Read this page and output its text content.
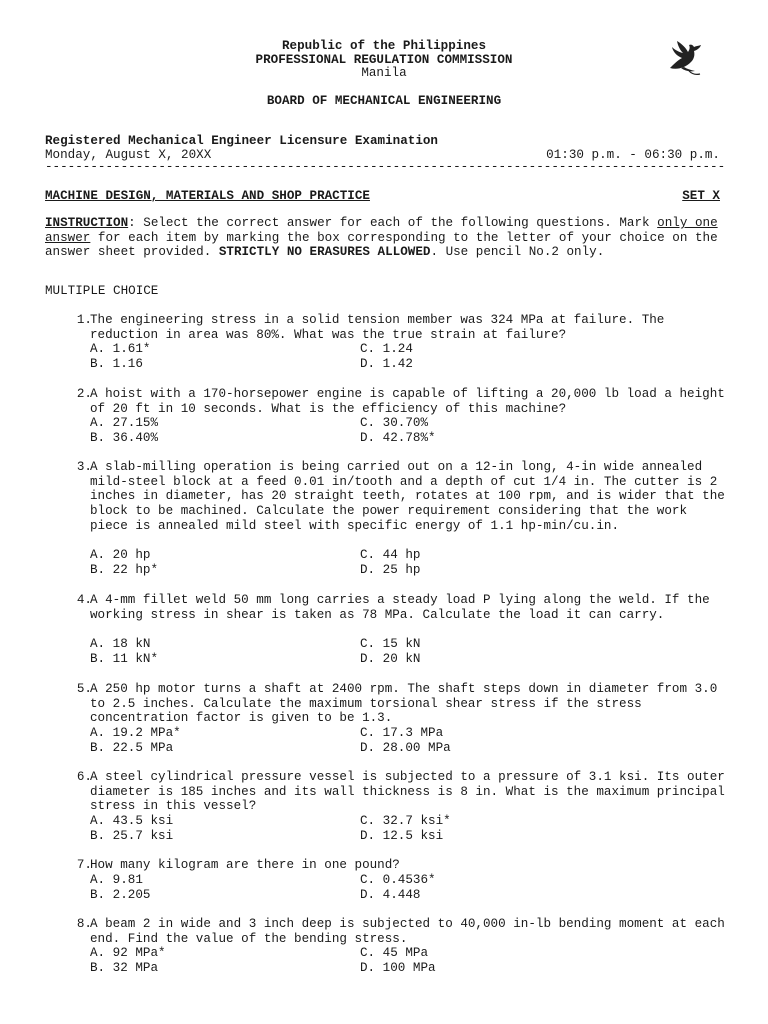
Republic of the Philippines
PROFESSIONAL REGULATION COMMISSION
Manila
BOARD OF MECHANICAL ENGINEERING
Registered Mechanical Engineer Licensure Examination
Monday, August X, 20XX	01:30 p.m. - 06:30 p.m.
------------------------------------------------------------------------------------------
MACHINE DESIGN, MATERIALS AND SHOP PRACTICE	SET X
INSTRUCTION: Select the correct answer for each of the following questions. Mark only one answer for each item by marking the box corresponding to the letter of your choice on the answer sheet provided. STRICTLY NO ERASURES ALLOWED. Use pencil No.2 only.
MULTIPLE CHOICE
1.
The engineering stress in a solid tension member was 324 MPa at failure. The reduction in area was 80%. What was the true strain at failure?
A. 1.61*	C. 1.24
B. 1.16	D. 1.42
2.
A hoist with a 170-horsepower engine is capable of lifting a 20,000 lb load a height of 20 ft in 10 seconds. What is the efficiency of this machine?
A. 27.15%	C. 30.70%
B. 36.40%	D. 42.78%*
3.
A slab-milling operation is being carried out on a 12-in long, 4-in wide annealed mild-steel block at a feed 0.01 in/tooth and a depth of cut 1/4 in. The cutter is 2 inches in diameter, has 20 straight teeth, rotates at 100 rpm, and is wider that the block to be machined. Calculate the power requirement considering that the work piece is annealed mild steel with specific energy of 1.1 hp-min/cu.in.
A. 20 hp	C. 44 hp
B. 22 hp*	D. 25 hp
4.
A 4-mm fillet weld 50 mm long carries a steady load P lying along the weld. If the working stress in shear is taken as 78 MPa. Calculate the load it can carry.
A. 18 kN	C. 15 kN
B. 11 kN*	D. 20 kN
5.
A 250 hp motor turns a shaft at 2400 rpm. The shaft steps down in diameter from 3.0 to 2.5 inches. Calculate the maximum torsional shear stress if the stress concentration factor is given to be 1.3.
A. 19.2 MPa*	C. 17.3 MPa
B. 22.5 MPa	D. 28.00 MPa
6.
A steel cylindrical pressure vessel is subjected to a pressure of 3.1 ksi. Its outer diameter is 185 inches and its wall thickness is 8 in. What is the maximum principal stress in this vessel?
A. 43.5 ksi	C. 32.7 ksi*
B. 25.7 ksi	D. 12.5 ksi
7.
How many kilogram are there in one pound?
A. 9.81	C. 0.4536*
B. 2.205	D. 4.448
8.
A beam 2 in wide and 3 inch deep is subjected to 40,000 in-lb bending moment at each end. Find the value of the bending stress.
A. 92 MPa*	C. 45 MPa
B. 32 MPa	D. 100 MPa
